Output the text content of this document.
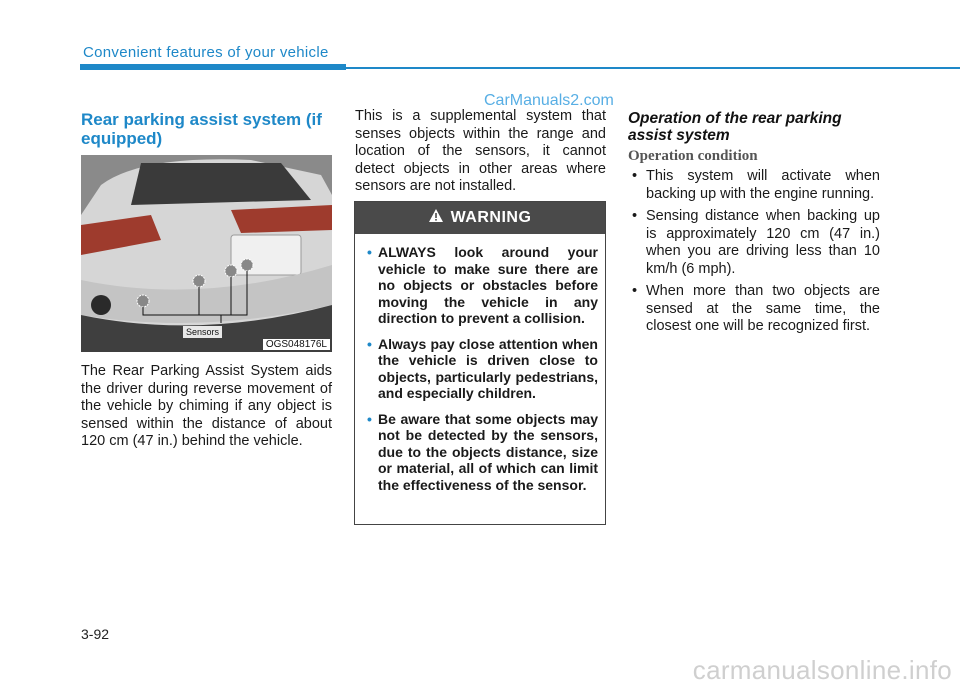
Convenient features of your vehicle
CarManuals2.com
Rear parking assist system (if equipped)
Sensors
OGS048176L
The Rear Parking Assist System aids the driver during reverse movement of the vehicle by chiming if any object is sensed within the distance of about 120 cm (47 in.) behind the vehicle.
This is a supplemental system that senses objects within the range and location of the sensors, it cannot detect objects in other areas where sensors are not installed.
WARNING
• ALWAYS look around your vehicle to make sure there are no objects or obstacles before moving the vehicle in any direction to prevent a collision.
• Always pay close attention when the vehicle is driven close to objects, particularly pedestrians, and especially children.
• Be aware that some objects may not be detected by the sensors, due to the objects distance, size or material, all of which can limit the effectiveness of the sensor.
Operation of the rear parking assist system
Operation condition
• This system will activate when backing up with the engine running.
• Sensing distance when backing up is approximately 120 cm (47 in.) when you are driving less than 10 km/h (6 mph).
• When more than two objects are sensed at the same time, the closest one will be recognized first.
3-92
carmanualsonline.info
